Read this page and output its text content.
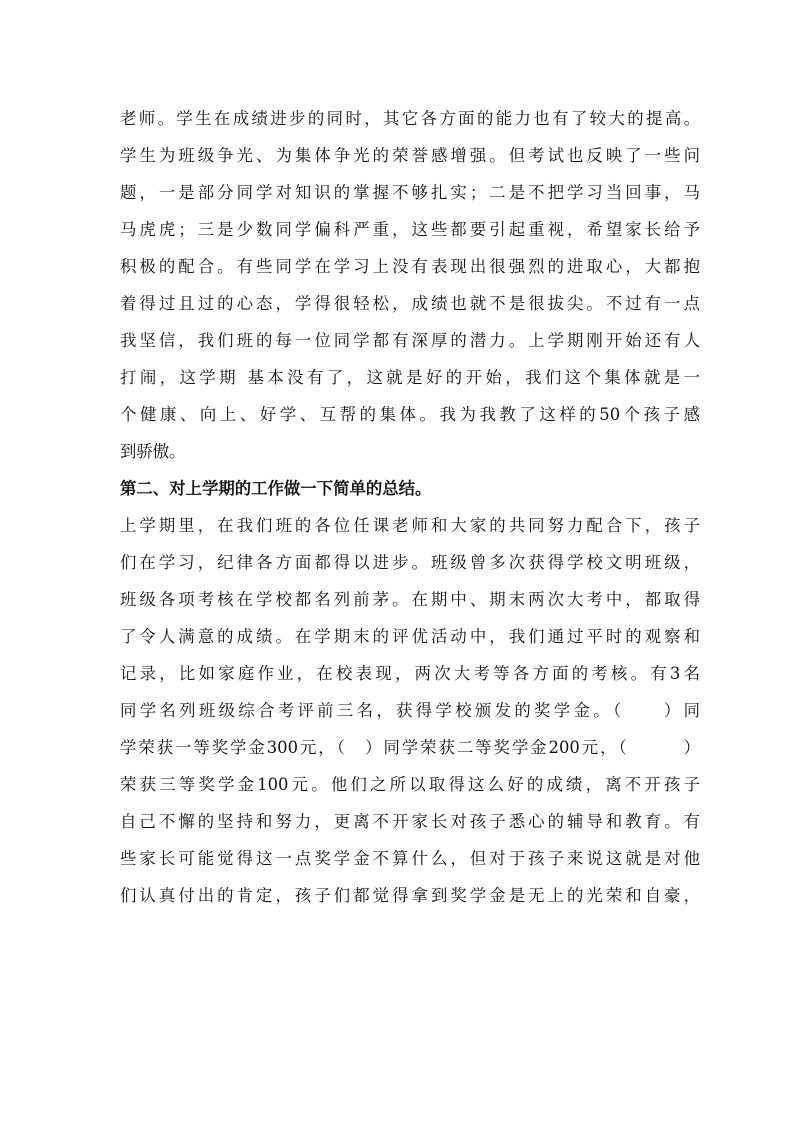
老师。学生在成绩进步的同时，其它各方面的能力也有了较大的提高。
学生为班级争光、为集体争光的荣誉感增强。但考试也反映了一些问
题，一是部分同学对知识的掌握不够扎实；二是不把学习当回事，马
马虎虎；三是少数同学偏科严重，这些都要引起重视，希望家长给予
积极的配合。有些同学在学习上没有表现出很强烈的进取心，大都抱
着得过且过的心态，学得很轻松，成绩也就不是很拔尖。不过有一点
我坚信，我们班的每一位同学都有深厚的潜力。上学期刚开始还有人
打闹，这学期 基本没有了，这就是好的开始，我们这个集体就是一
个健康、向上、好学、互帮的集体。我为我教了这样的50个孩子感
到骄傲。
第二、对上学期的工作做一下简单的总结。
上学期里，在我们班的各位任课老师和大家的共同努力配合下，孩子
们在学习，纪律各方面都得以进步。班级曾多次获得学校文明班级，
班级各项考核在学校都名列前茅。在期中、期末两次大考中，都取得
了令人满意的成绩。在学期末的评优活动中，我们通过平时的观察和
记录，比如家庭作业，在校表现，两次大考等各方面的考核。有3名
同学名列班级综合考评前三名，获得学校颁发的奖学金。（　　）同
学荣获一等奖学金300元，（　）同学荣获二等奖学金200元，（　　　）
荣获三等奖学金100元。他们之所以取得这么好的成绩，离不开孩子
自己不懈的坚持和努力，更离不开家长对孩子悉心的辅导和教育。有
些家长可能觉得这一点奖学金不算什么，但对于孩子来说这就是对他
们认真付出的肯定，孩子们都觉得拿到奖学金是无上的光荣和自豪，
